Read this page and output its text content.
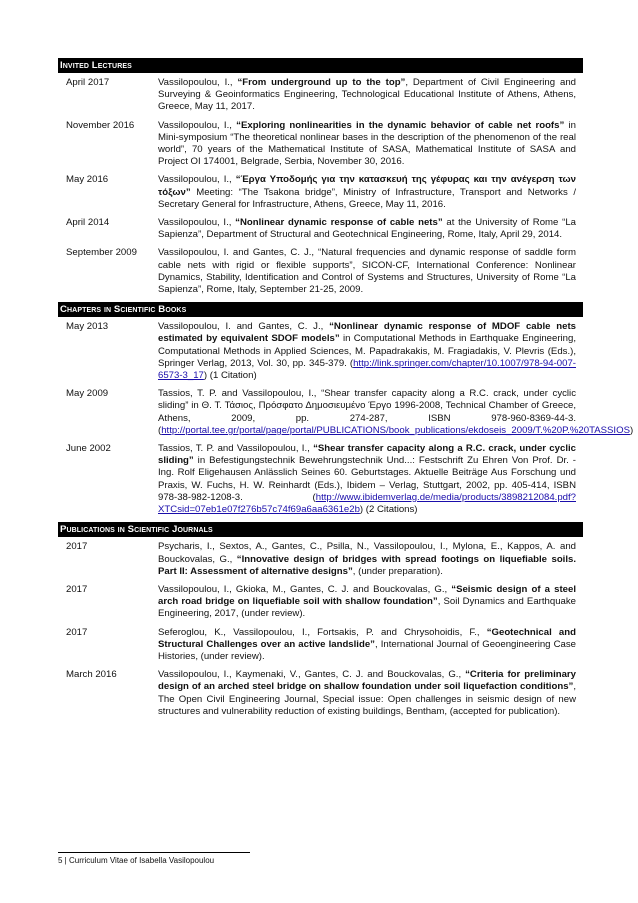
Invited Lectures
April 2017	Vassilopoulou, I., “From underground up to the top”, Department of Civil Engineering and Surveying & Geoinformatics Engineering, Technological Educational Institute of Athens, Athens, Greece, May 11, 2017.
November 2016	Vassilopoulou, I., “Exploring nonlinearities in the dynamic behavior of cable net roofs” in Mini-symposium “The theoretical nonlinear bases in the description of the phenomenon of the real world”, 70 years of the Mathematical Institute of SASA, Mathematical Institute of SASA and Project OI 174001, Belgrade, Serbia, November 30, 2016.
May 2016	Vassilopoulou, I., “Έργα Υποδομής για την κατασκευή της γέφυρας και την ανέγερση των τόξων” Meeting: “The Tsakona bridge”, Ministry of Infrastructure, Transport and Networks / Secretary General for Infrastructure, Athens, Greece, May 11, 2016.
April 2014	Vassilopoulou, I., “Nonlinear dynamic response of cable nets” at the University of Rome “La Sapienza”, Department of Structural and Geotechnical Engineering, Rome, Italy, April 29, 2014.
September 2009	Vassilopoulou, I. and Gantes, C. J., “Natural frequencies and dynamic response of saddle form cable nets with rigid or flexible supports”, SICON-CF, International Conference: Nonlinear Dynamics, Stability, Identification and Control of Systems and Structures, University of Rome “La Sapienza”, Rome, Italy, September 21-25, 2009.
Chapters in Scientific Books
May 2013	Vassilopoulou, I. and Gantes, C. J., “Nonlinear dynamic response of MDOF cable nets estimated by equivalent SDOF models” in Computational Methods in Earthquake Engineering, Computational Methods in Applied Sciences, M. Papadrakakis, M. Fragiadakis, V. Plevris (Eds.), Springer Verlag, 2013, Vol. 30, pp. 345-379. (http://link.springer.com/chapter/10.1007/978-94-007-6573-3_17) (1 Citation)
May 2009	Tassios, T. P. and Vassilopoulou, I., “Shear transfer capacity along a R.C. crack, under cyclic sliding” in Θ. Τ. Τάσιος, Πρόσφατο Δημοσιευμένο Έργο 1996-2008, Technical Chamber of Greece, Athens, 2009, pp. 274-287, ISBN 978-960-8369-44-3. (http://portal.tee.gr/portal/page/portal/PUBLICATIONS/book_publications/ekdoseis_2009/T.%20P.%20TASSIOS)
June 2002	Tassios, T. P. and Vassilopoulou, I., “Shear transfer capacity along a R.C. crack, under cyclic sliding” in Befestigungstechnik Bewehrungstechnik Und...: Festschrift Zu Ehren Von Prof. Dr. -Ing. Rolf Eligehausen Anlässlich Seines 60. Geburtstages. Aktuelle Beiträge Aus Forschung und Praxis, W. Fuchs, H. W. Reinhardt (Eds.), Ibidem – Verlag, Stuttgart, 2002, pp. 405-414, ISBN 978-38-982-1208-3. (http://www.ibidemverlag.de/media/products/3898212084.pdf?XTCsid=07eb1e07f276b57c74f69a6aa6361e2b) (2 Citations)
Publications in Scientific Journals
2017	Psycharis, I., Sextos, A., Gantes, C., Psilla, N., Vassilopoulou, I., Mylona, E., Kappos, A. and Bouckovalas, G., “Innovative design of bridges with spread footings on liquefiable soils. Part II: Assessment of alternative designs”, (under preparation).
2017	Vassilopoulou, I., Gkioka, M., Gantes, C. J. and Bouckovalas, G., “Seismic design of a steel arch road bridge on liquefiable soil with shallow foundation”, Soil Dynamics and Earthquake Engineering, 2017, (under review).
2017	Seferoglou, K., Vassilopoulou, I., Fortsakis, P. and Chrysohoidis, F., “Geotechnical and Structural Challenges over an active landslide”, International Journal of Geoengineering Case Histories, (under review).
March 2016	Vassilopoulou, I., Kaymenaki, V., Gantes, C. J. and Bouckovalas, G., “Criteria for preliminary design of an arched steel bridge on shallow foundation under soil liquefaction conditions”, The Open Civil Engineering Journal, Special issue: Open challenges in seismic design of new structures and vulnerability reduction of existing buildings, Bentham, (accepted for publication).
5 | Curriculum Vitae of Isabella Vasilopoulou
